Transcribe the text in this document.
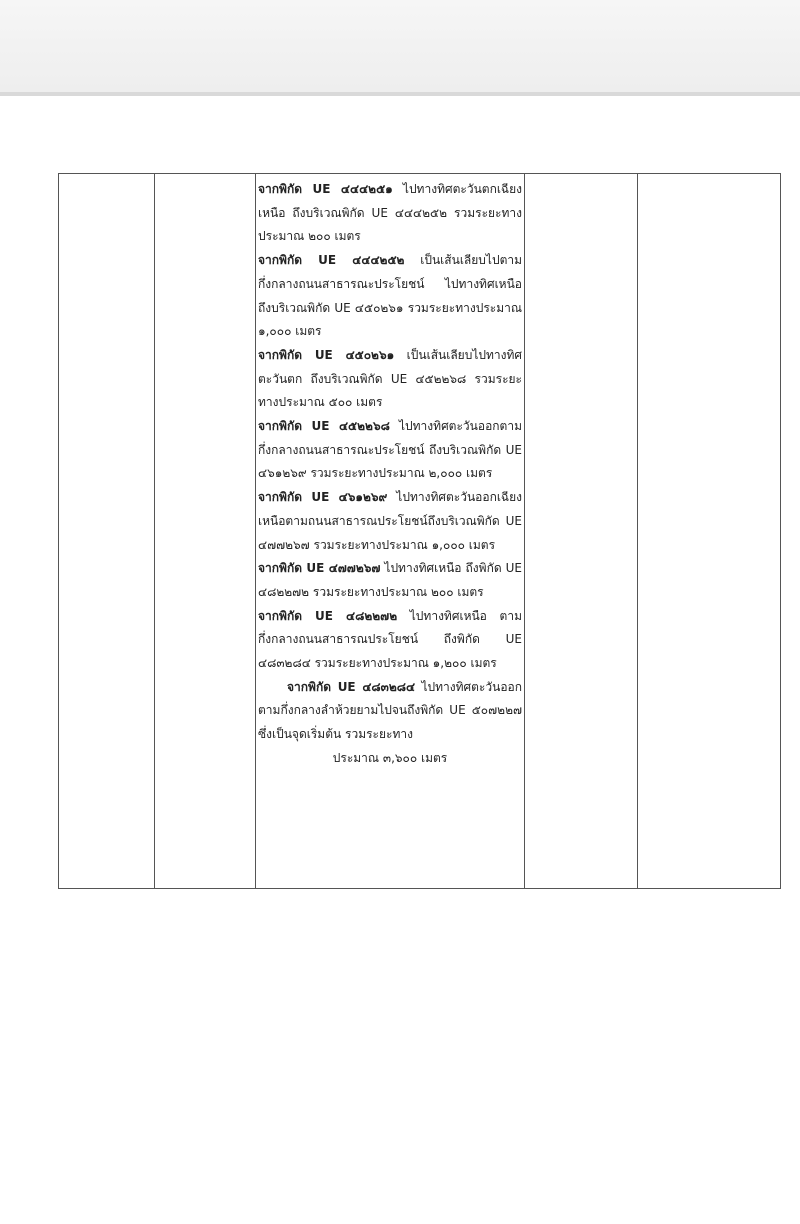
จากพิกัด UE ๔๔๔๒๕๑ ไปทางทิศตะวันตกเฉียงเหนือ ถึงบริเวณพิกัด UE ๔๔๔๒๕๒ รวมระยะทางประมาณ ๒๐๐ เมตร

จากพิกัด UE ๔๔๔๒๕๒ เป็นเส้นเลียบไปตามกึ่งกลางถนนสาธารณะประโยชน์ ไปทางทิศเหนือ ถึงบริเวณพิกัด UE ๔๕๐๒๖๑ รวมระยะทางประมาณ ๑,๐๐๐ เมตร

จากพิกัด UE ๔๕๐๒๖๑ เป็นเส้นเลียบไปทางทิศตะวันตก ถึงบริเวณพิกัด UE ๔๕๒๒๖๘ รวมระยะทางประมาณ ๕๐๐ เมตร

จากพิกัด UE ๔๕๒๒๖๘ ไปทางทิศตะวันออกตามกึ่งกลางถนนสาธารณะประโยชน์ ถึงบริเวณพิกัด UE ๔๖๑๒๖๙ รวมระยะทางประมาณ ๒,๐๐๐ เมตร

จากพิกัด UE ๔๖๑๒๖๙ ไปทางทิศตะวันออกเฉียงเหนือตามถนนสาธารณประโยชน์ถึงบริเวณพิกัด UE ๔๗๗๒๖๗ รวมระยะทางประมาณ ๑,๐๐๐ เมตร

จากพิกัด UE ๔๗๗๒๖๗ ไปทางทิศเหนือ ถึงพิกัด UE ๔๘๒๒๗๒ รวมระยะทางประมาณ ๒๐๐ เมตร

จากพิกัด UE ๔๘๒๒๗๒ ไปทางทิศเหนือ ตามกึ่งกลางถนนสาธารณประโยชน์ ถึงพิกัด UE ๔๘๓๒๘๔ รวมระยะทางประมาณ ๑,๒๐๐ เมตร

จากพิกัด UE ๔๘๓๒๘๔ ไปทางทิศตะวันออกตามกึ่งกลางลำห้วยยามไปจนถึงพิกัด UE ๕๐๗๒๒๗ ซึ่งเป็นจุดเริ่มต้น รวมระยะทาง

ประมาณ ๓,๖๐๐ เมตร
